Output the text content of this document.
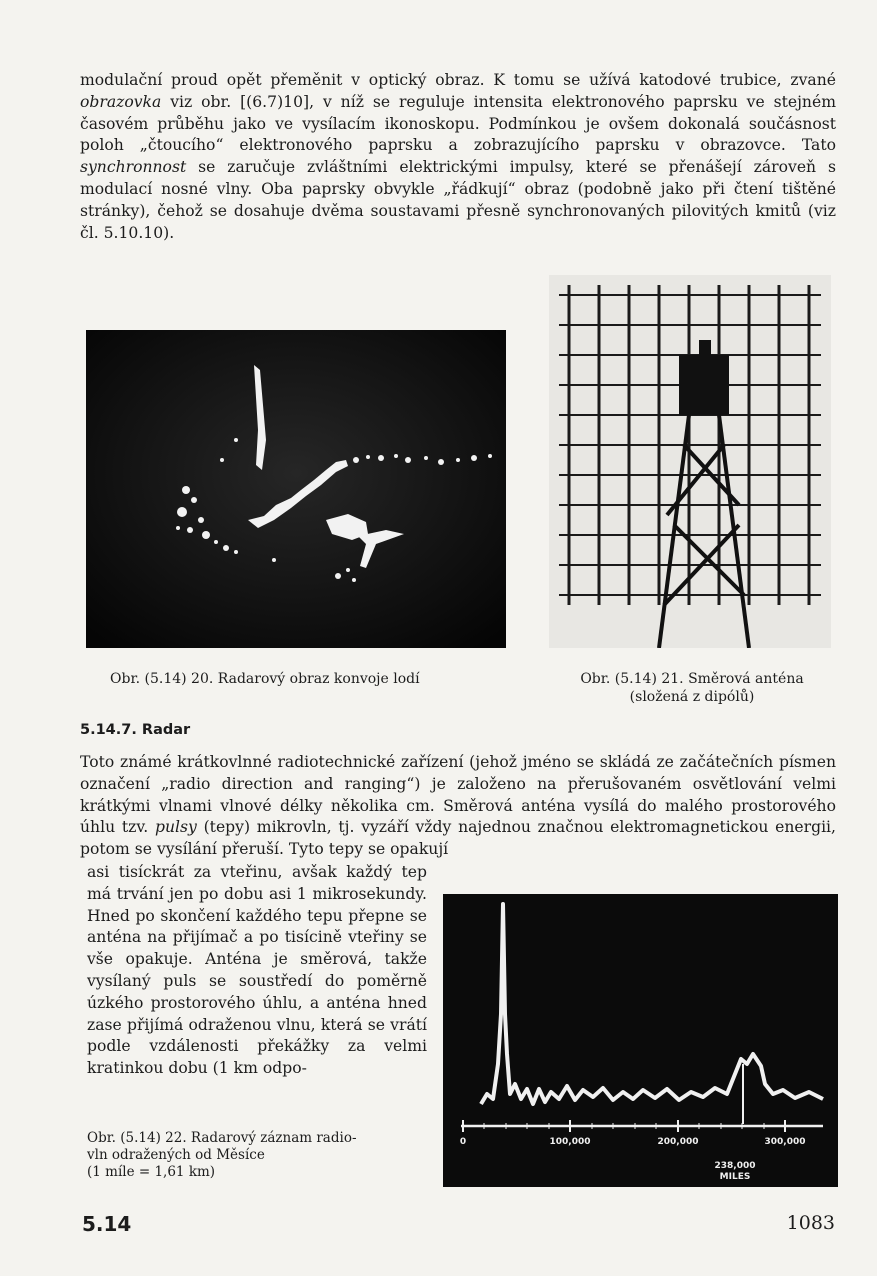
modulační proud opět přeměnit v optický obraz. K tomu se užívá katodové trubice, zvané obrazovka viz obr. [(6.7)10], v níž se reguluje intensita elektronového paprsku ve stejném časovém průběhu jako ve vysílacím ikonoskopu. Podmínkou je ovšem dokonalá součásnost poloh „čtoucího“ elektronového paprsku a zobrazujícího paprsku v obrazovce. Tato synchronnost se zaručuje zvláštními elektrickými impulsy, které se přenášejí zároveň s modulací nosné vlny. Oba paprsky obvykle „řádkují“ obraz (podobně jako při čtení tištěné stránky), čehož se dosahuje dvěma soustavami přesně synchronovaných pilovitých kmitů (viz čl. 5.10.10).
Obr. (5.14) 20. Radarový obraz konvoje lodí	Obr. (5.14) 21. Směrová anténa
(složená z dipólů)
5.14.7. Radar
Toto známé krátkovlnné radiotechnické zařízení (jehož jméno se skládá ze začátečních písmen označení „radio direction and ranging“) je založeno na přerušovaném osvětlování velmi krátkými vlnami vlnové délky několika cm. Směrová anténa vysílá do malého prostorového úhlu tzv. pulsy (tepy) mikrovln, tj. vyzáří vždy najednou značnou elektromagnetickou energii, potom se vysílání přeruší. Tyto tepy se opakují
asi tisíckrát za vteřinu, avšak každý tep má trvání jen po dobu asi 1 mikrosekundy. Hned po skončení každého tepu přepne se anténa na přijímač a po tisícině vteřiny se vše opakuje. Anténa je směrová, takže vysílaný puls se soustředí do poměrně úzkého prostorového úhlu, a anténa hned zase přijímá odraženou vlnu, která se vrátí podle vzdálenosti překážky za velmi kratinkou dobu (1 km odpo-
0	100,000	200,000	300,000
238,000
MILES
Obr. (5.14) 22. Radarový záznam radio-
vln odražených od Měsíce
(1 míle = 1,61 km)
5.14	1083
